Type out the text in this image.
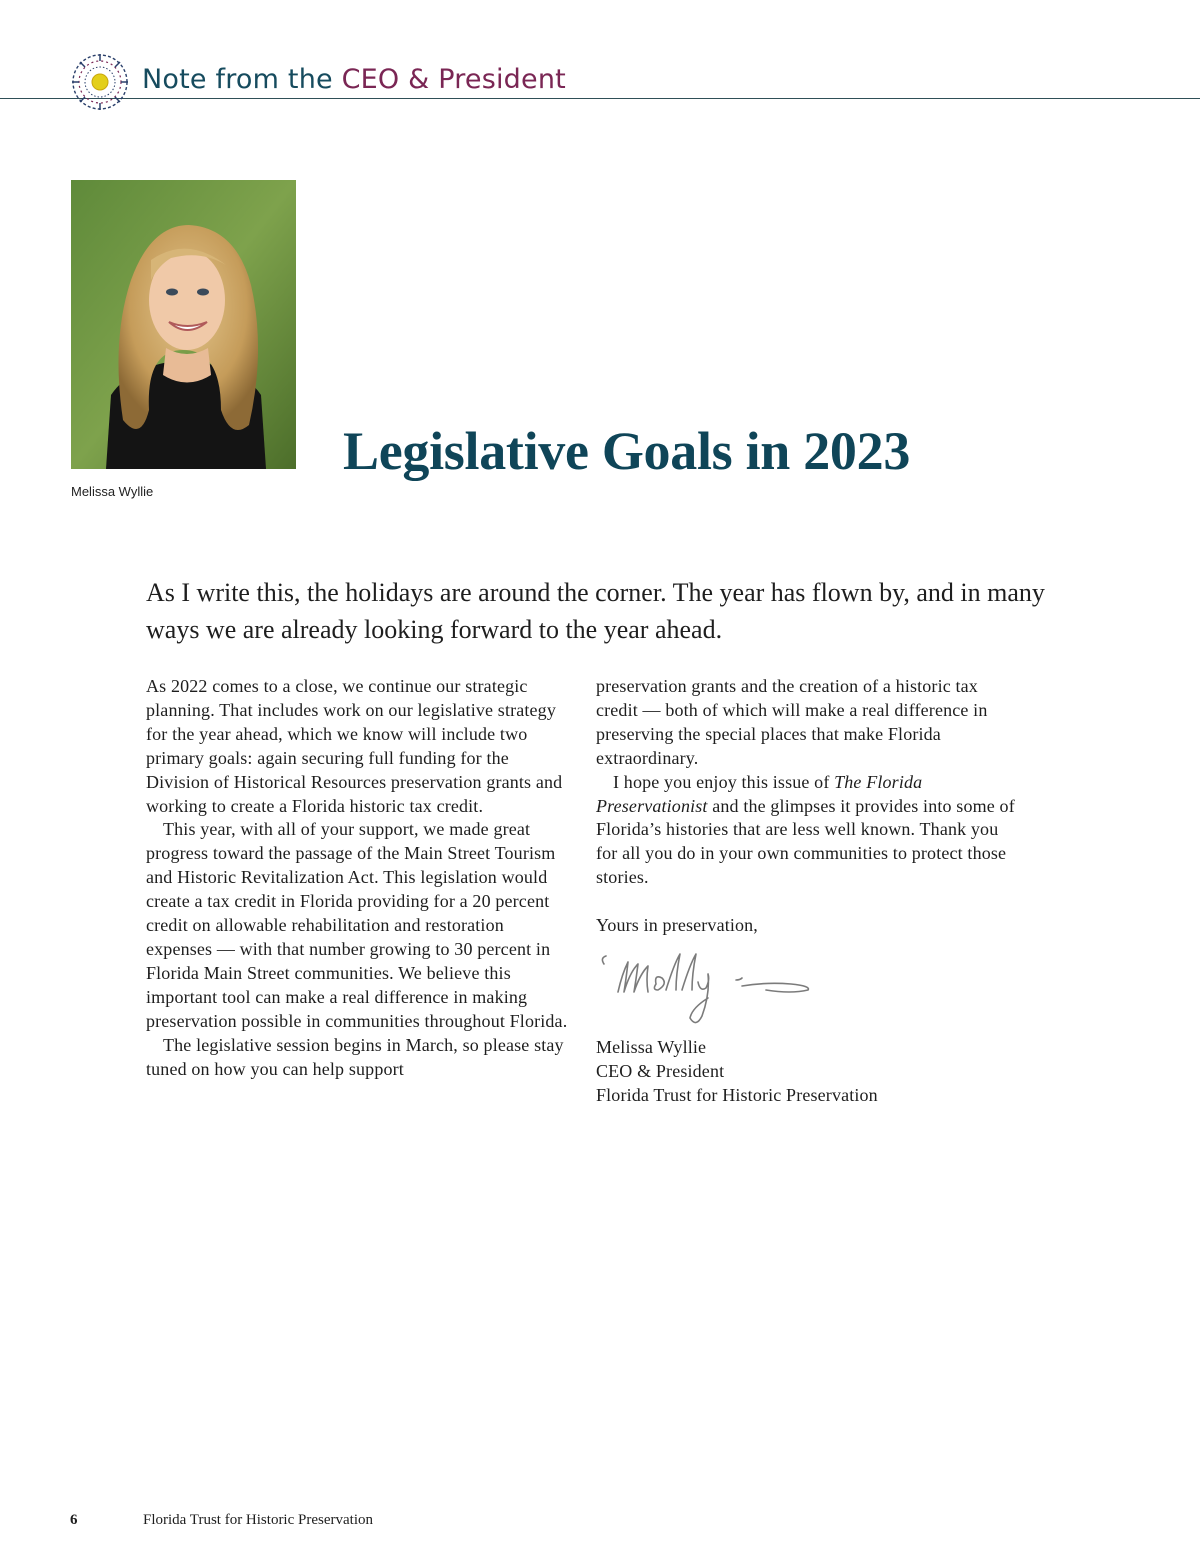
Note from the CEO & President
Melissa Wyllie
Legislative Goals in 2023

As I write this, the holidays are around the corner. The year has flown by, and in many ways we are already looking forward to the year ahead.

As 2022 comes to a close, we continue our strategic planning. That includes work on our legislative strategy for the year ahead, which we know will include two primary goals: again securing full funding for the Division of Historical Resources preservation grants and working to create a Florida historic tax credit.

This year, with all of your support, we made great progress toward the passage of the Main Street Tourism and Historic Revitalization Act. This legislation would create a tax credit in Florida providing for a 20 percent credit on allowable rehabilitation and restoration expenses — with that number growing to 30 percent in Florida Main Street communities. We believe this important tool can make a real difference in making preservation possible in communities throughout Florida.

The legislative session begins in March, so please stay tuned on how you can help support

preservation grants and the creation of a historic tax credit — both of which will make a real difference in preserving the special places that make Florida extraordinary.

I hope you enjoy this issue of The Florida Preservationist and the glimpses it provides into some of Florida’s histories that are less well known. Thank you for all you do in your own communities to protect those stories.

Yours in preservation,

Melissa Wyllie

CEO & President

Florida Trust for Historic Preservation

6	Florida Trust for Historic Preservation
